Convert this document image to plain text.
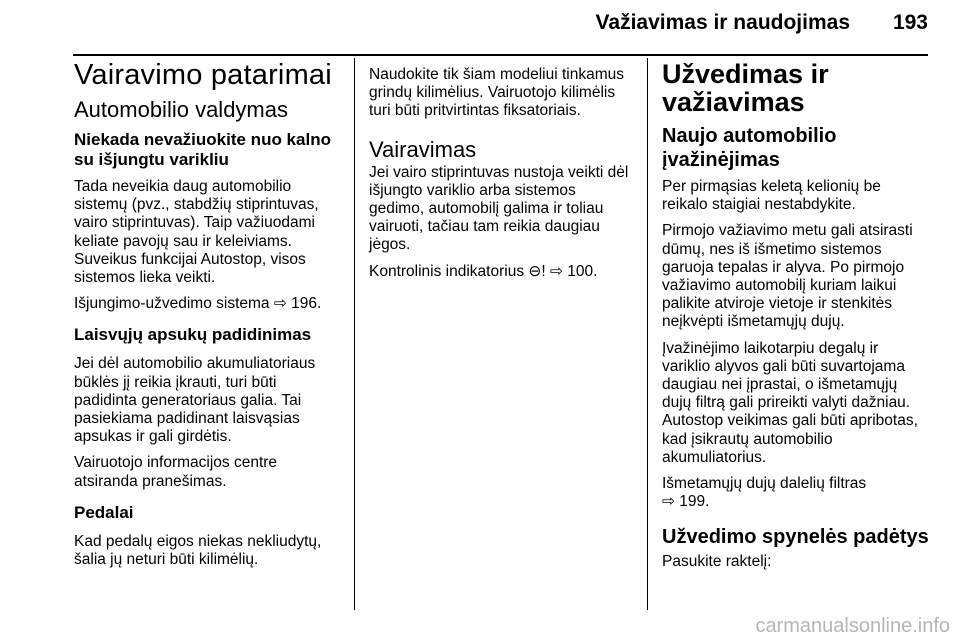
Važiavimas ir naudojimas	193
Vairavimo patarimai
Automobilio valdymas
Niekada nevažiuokite nuo kalno
su išjungtu varikliu
Tada neveikia daug automobilio
sistemų (pvz., stabdžių stiprintuvas,
vairo stiprintuvas). Taip važiuodami
keliate pavojų sau ir keleiviams.
Suveikus funkcijai Autostop, visos
sistemos lieka veikti.
Išjungimo-užvedimo sistema ⇨ 196.
Laisvųjų apsukų padidinimas
Jei dėl automobilio akumuliatoriaus
būklės jį reikia įkrauti, turi būti
padidinta generatoriaus galia. Tai
pasiekiama padidinant laisvąsias
apsukas ir gali girdėtis.
Vairuotojo informacijos centre
atsiranda pranešimas.
Pedalai
Kad pedalų eigos niekas nekliudytų,
šalia jų neturi būti kilimėlių.
Naudokite tik šiam modeliui tinkamus
grindų kilimėlius. Vairuotojo kilimėlis
turi būti pritvirtintas fiksatoriais.
Vairavimas
Jei vairo stiprintuvas nustoja veikti dėl
išjungto variklio arba sistemos
gedimo, automobilį galima ir toliau
vairuoti, tačiau tam reikia daugiau
jėgos.
Kontrolinis indikatorius ⊖! ⇨ 100.
Užvedimas ir
važiavimas
Naujo automobilio
įvažinėjimas
Per pirmąsias keletą kelionių be
reikalo staigiai nestabdykite.
Pirmojo važiavimo metu gali atsirasti
dūmų, nes iš išmetimo sistemos
garuoja tepalas ir alyva. Po pirmojo
važiavimo automobilį kuriam laikui
palikite atviroje vietoje ir stenkitės
neįkvėpti išmetamųjų dujų.
Įvažinėjimo laikotarpiu degalų ir
variklio alyvos gali būti suvartojama
daugiau nei įprastai, o išmetamųjų
dujų filtrą gali prireikti valyti dažniau.
Autostop veikimas gali būti apribotas,
kad įsikrautų automobilio
akumuliatorius.
Išmetamųjų dujų dalelių filtras
⇨ 199.
Užvedimo spynelės padėtys
Pasukite raktelį:
carmanualsonline.info
